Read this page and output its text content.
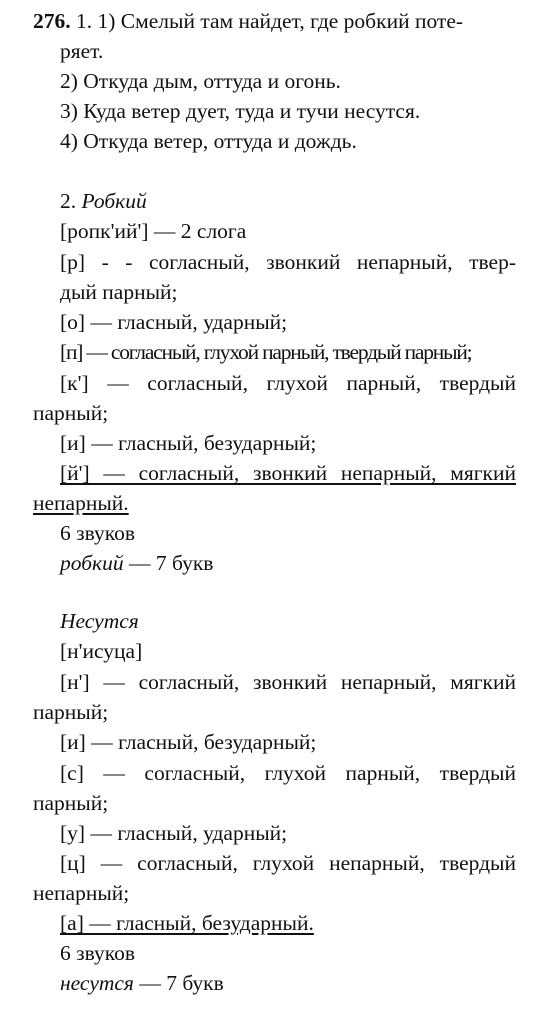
276. 1. 1) Смелый там найдет, где робкий поте-
ряет.
2) Откуда дым, оттуда и огонь.
3) Куда ветер дует, туда и тучи несутся.
4) Откуда ветер, оттуда и дождь.
2. Робкий
[ропк'ий'] — 2 слога
[р] - - согласный, звонкий непарный, твер-
дый парный;
[о] — гласный, ударный;
[п] — согласный, глухой парный, твердый парный;
[к'] — согласный, глухой парный, твердый
парный;
[и] — гласный, безударный;
[й'] — согласный, звонкий непарный, мягкий
непарный.
6 звуков
робкий — 7 букв
Несутся
[н'исуца]
[н'] — согласный, звонкий непарный, мягкий
парный;
[и] — гласный, безударный;
[с] — согласный, глухой парный, твердый
парный;
[у] — гласный, ударный;
[ц] — согласный, глухой непарный, твердый
непарный;
[а] — гласный, безударный.
6 звуков
несутся — 7 букв
